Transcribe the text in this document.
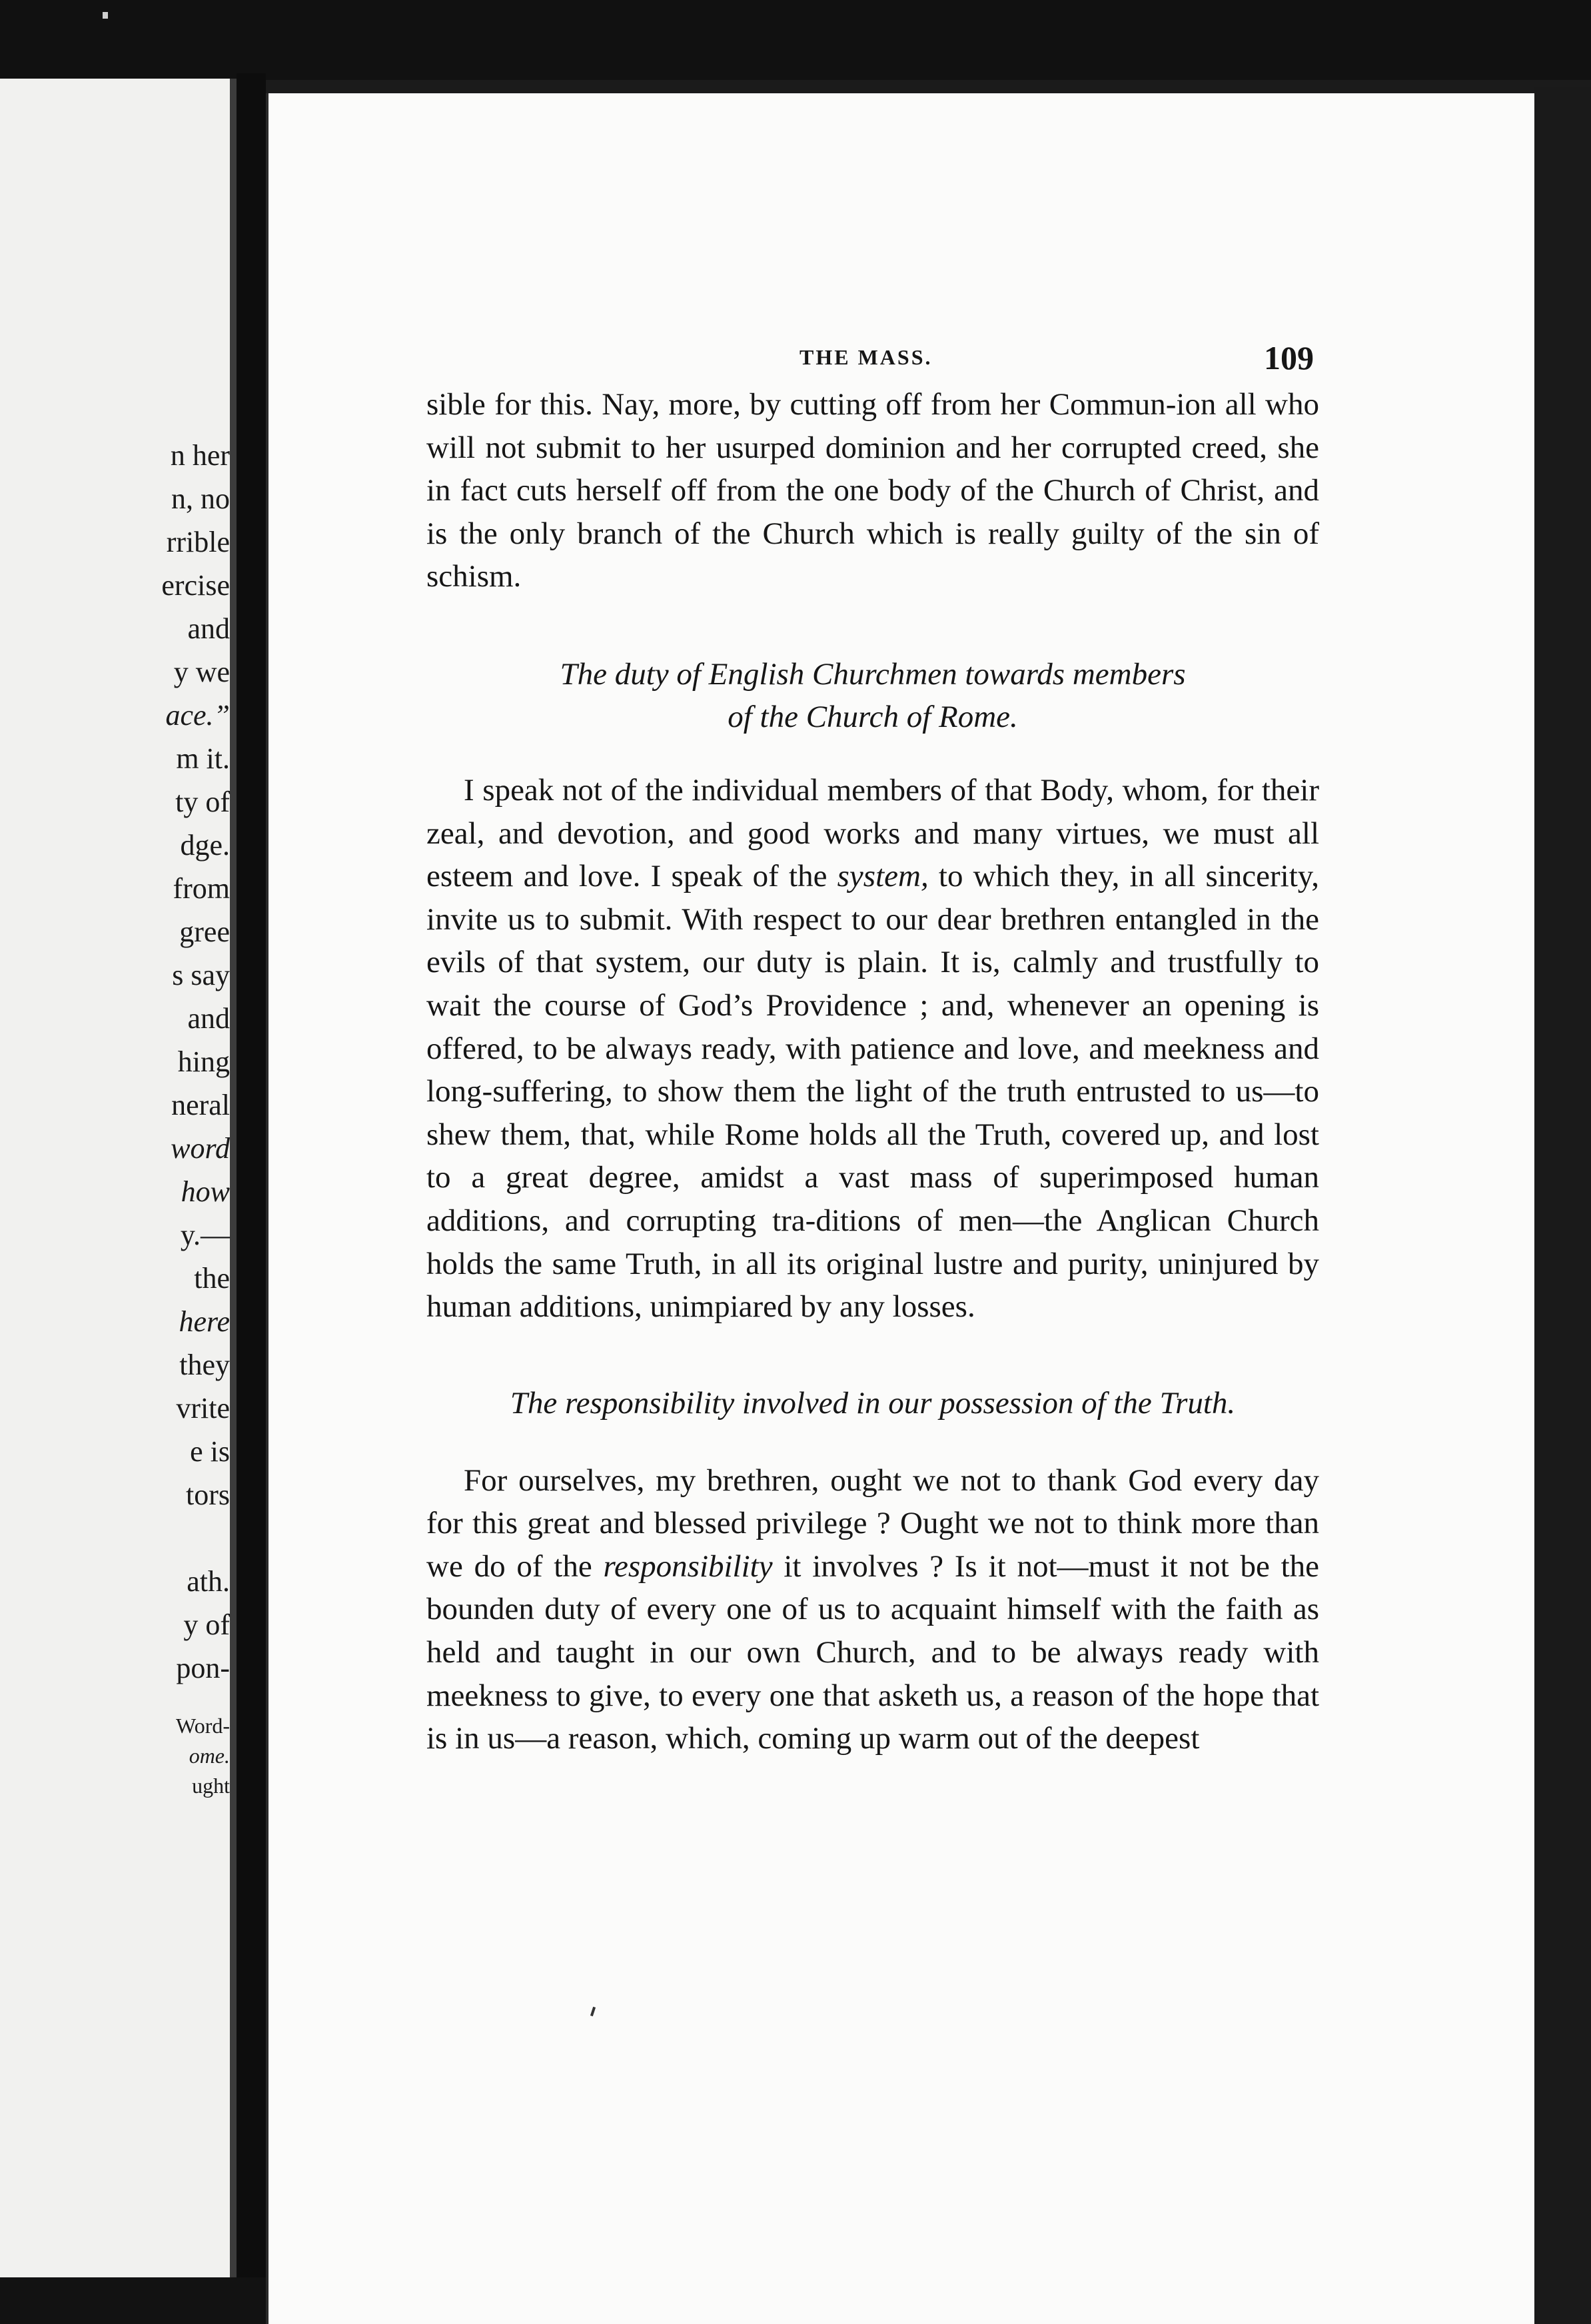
n her
n, no
rrible
ercise
and
y we
ace.”
m it.
ty of
dge.
from
gree
s say
and
hing
neral
word
how
y.—
the
here
they
vrite
e is
tors
ath.
y of
pon-
Word-
ome.
ught
THE MASS.	109

sible for this. Nay, more, by cutting off from her Commun-ion all who will not submit to her usurped dominion and her corrupted creed, she in fact cuts herself off from the one body of the Church of Christ, and is the only branch of the Church which is really guilty of the sin of schism.

The duty of English Churchmen towards members
of the Church of Rome.

I speak not of the individual members of that Body, whom, for their zeal, and devotion, and good works and many virtues, we must all esteem and love. I speak of the system, to which they, in all sincerity, invite us to submit. With respect to our dear brethren entangled in the evils of that system, our duty is plain. It is, calmly and trustfully to wait the course of God’s Providence ; and, whenever an opening is offered, to be always ready, with patience and love, and meekness and long-suffering, to show them the light of the truth entrusted to us—to shew them, that, while Rome holds all the Truth, covered up, and lost to a great degree, amidst a vast mass of superimposed human additions, and corrupting tra-ditions of men—the Anglican Church holds the same Truth, in all its original lustre and purity, uninjured by human additions, unimpiared by any losses.

The responsibility involved in our possession of the Truth.

For ourselves, my brethren, ought we not to thank God every day for this great and blessed privilege ? Ought we not to think more than we do of the responsibility it involves ? Is it not—must it not be the bounden duty of every one of us to acquaint himself with the faith as held and taught in our own Church, and to be always ready with meekness to give, to every one that asketh us, a reason of the hope that is in us—a reason, which, coming up warm out of the deepest
